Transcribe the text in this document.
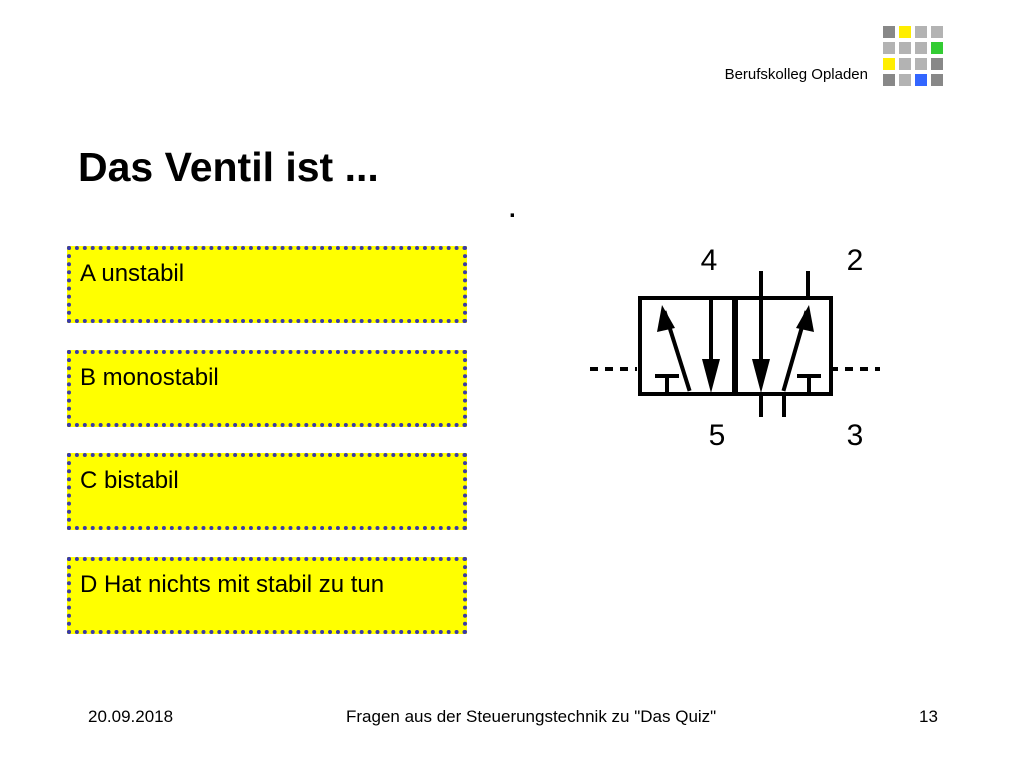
Berufskolleg Opladen
Das Ventil ist ...
.
A unstabil
B monostabil
C bistabil
D Hat nichts mit stabil zu tun
4	2
5	3
20.09.2018	Fragen aus der Steuerungstechnik zu "Das Quiz"	13
